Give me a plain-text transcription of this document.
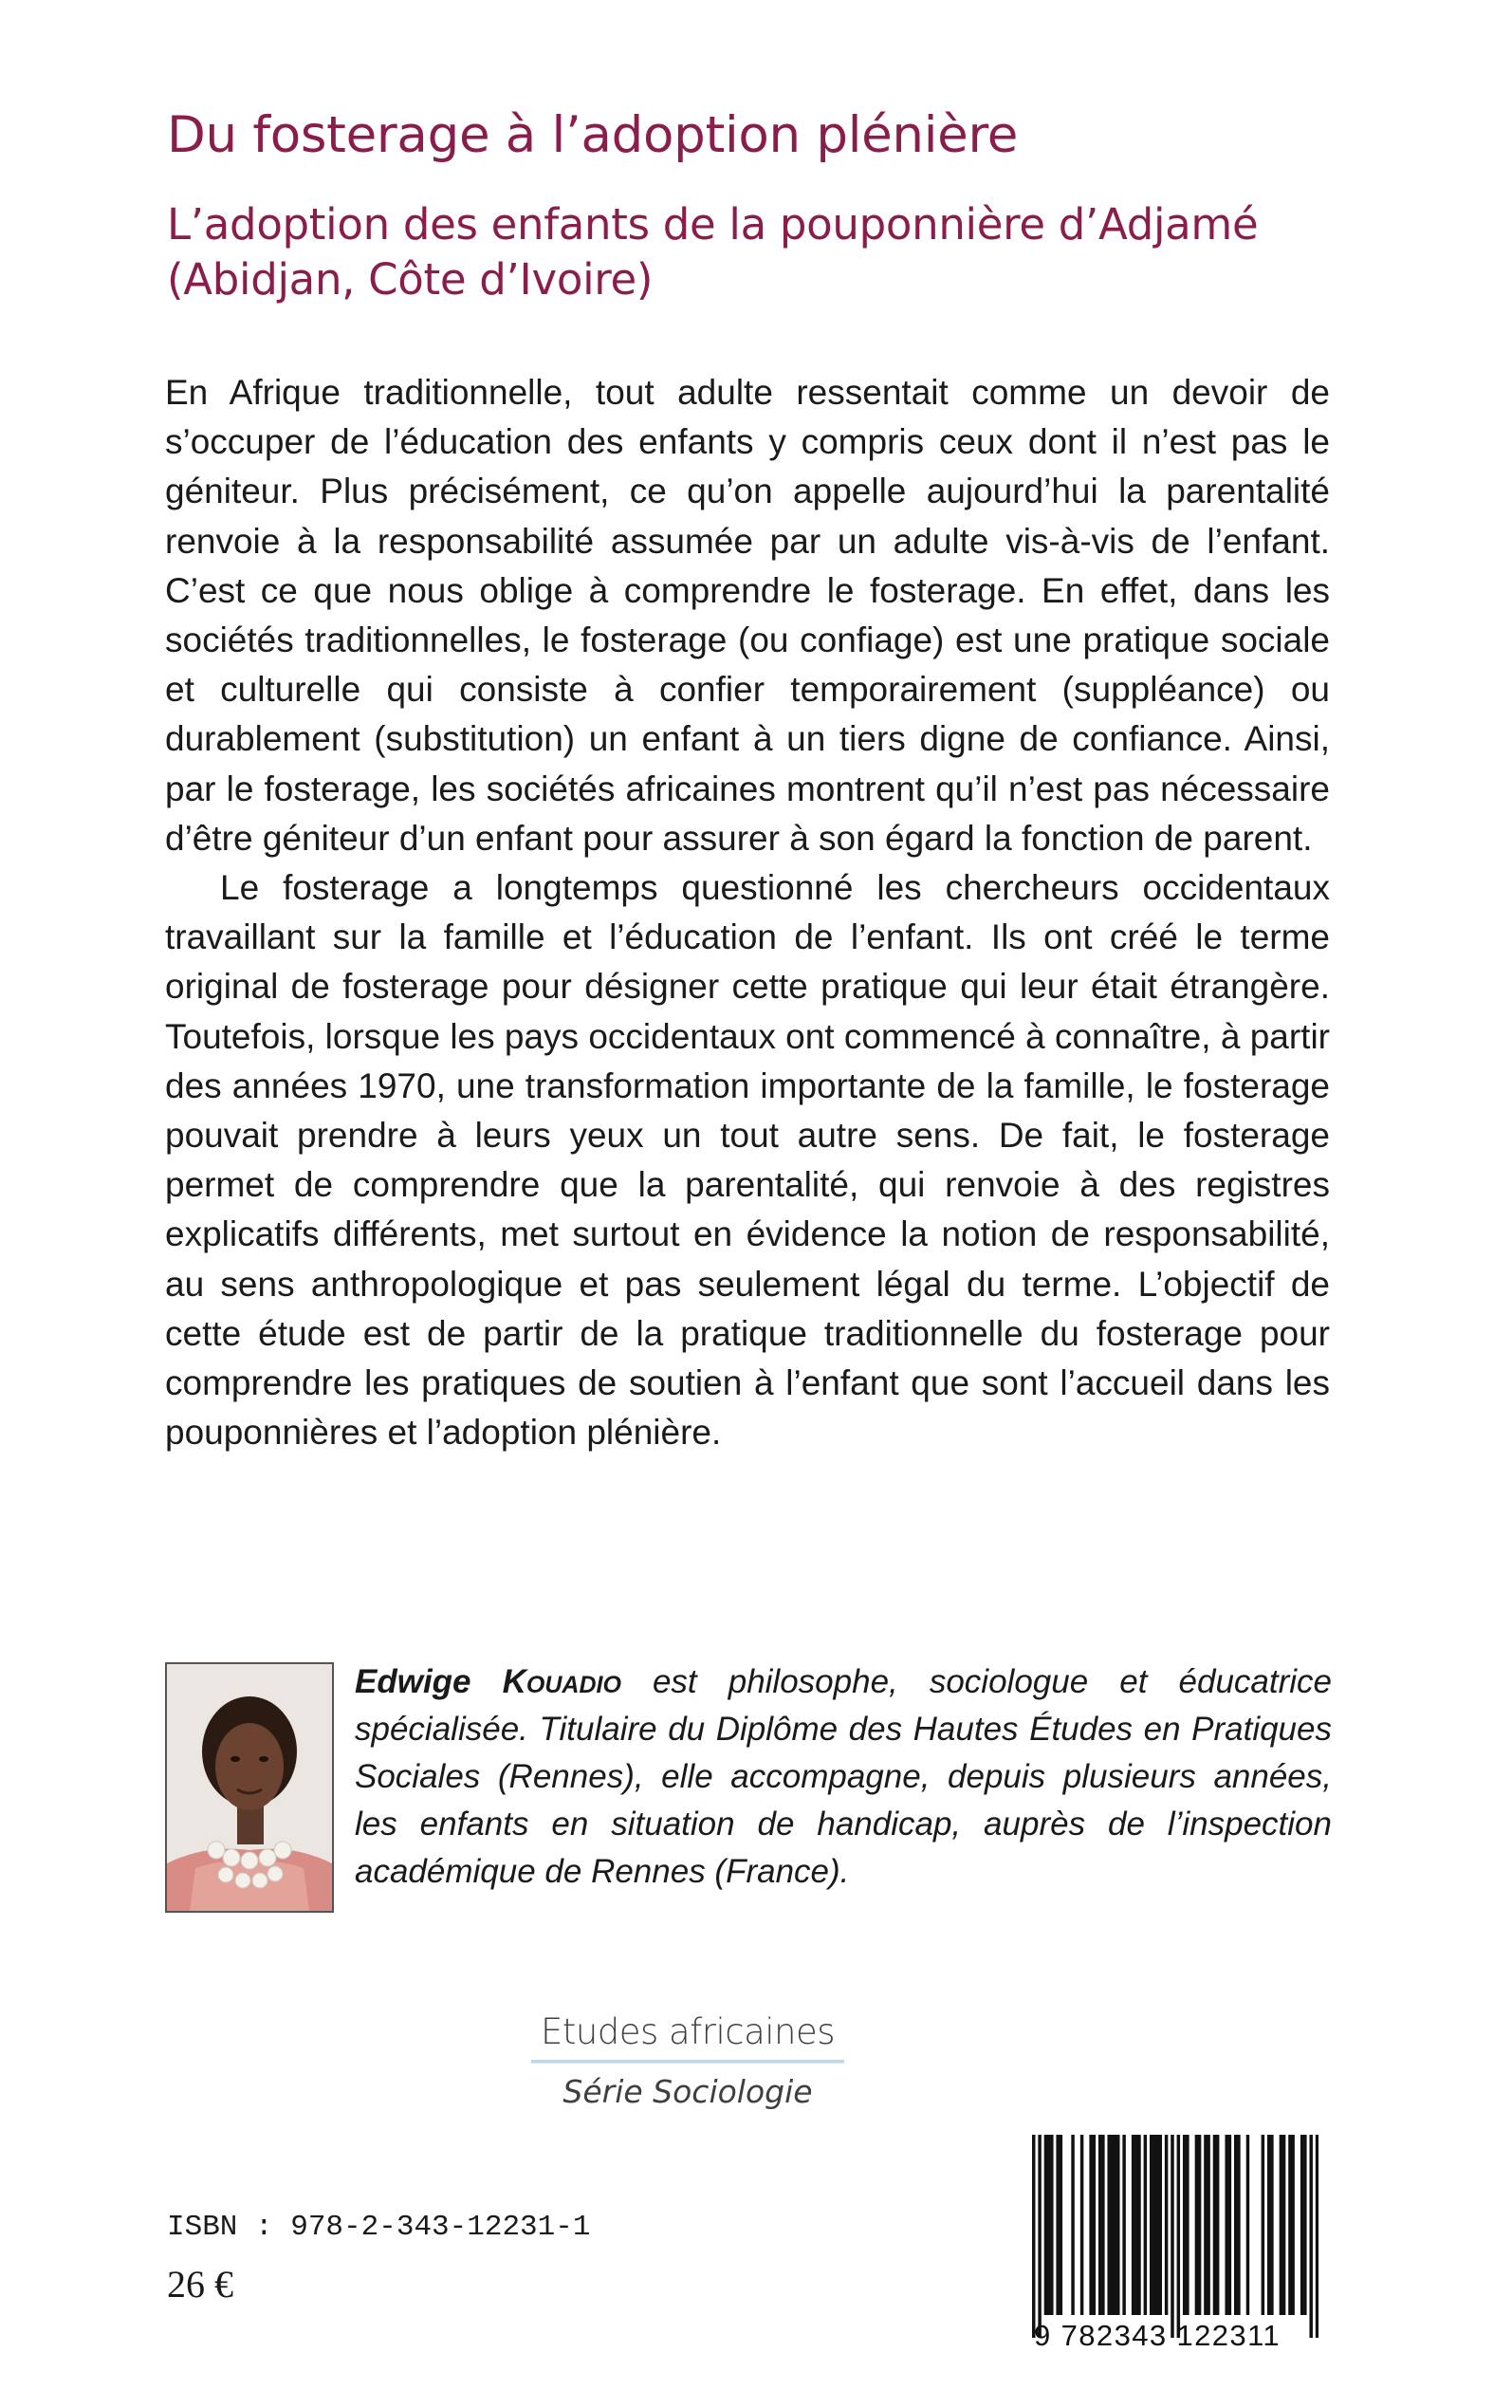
Du fosterage à l’adoption plénière
L’adoption des enfants de la pouponnière d’Adjamé (Abidjan, Côte d’Ivoire)

En Afrique traditionnelle, tout adulte ressentait comme un devoir de s’occuper de l’éducation des enfants y compris ceux dont il n’est pas le géniteur. Plus précisément, ce qu’on appelle aujourd’hui la parentalité renvoie à la responsabilité assumée par un adulte vis-à-vis de l’enfant. C’est ce que nous oblige à comprendre le fosterage. En effet, dans les sociétés traditionnelles, le fosterage (ou confiage) est une pratique sociale et culturelle qui consiste à confier temporairement (suppléance) ou durablement (substitution) un enfant à un tiers digne de confiance. Ainsi, par le fosterage, les sociétés africaines montrent qu’il n’est pas nécessaire d’être géniteur d’un enfant pour assurer à son égard la fonction de parent.

Le fosterage a longtemps questionné les chercheurs occidentaux travaillant sur la famille et l’éducation de l’enfant. Ils ont créé le terme original de fosterage pour désigner cette pratique qui leur était étrangère. Toutefois, lorsque les pays occidentaux ont commencé à connaître, à partir des années 1970, une transformation importante de la famille, le fosterage pouvait prendre à leurs yeux un tout autre sens. De fait, le fosterage permet de comprendre que la parentalité, qui renvoie à des registres explicatifs différents, met surtout en évidence la notion de responsabilité, au sens anthropologique et pas seulement légal du terme. L’objectif de cette étude est de partir de la pratique traditionnelle du fosterage pour comprendre les pratiques de soutien à l’enfant que sont l’accueil dans les pouponnières et l’adoption plénière.

Edwige Kouadio est philosophe, sociologue et éducatrice spécialisée. Titulaire du Diplôme des Hautes Études en Pratiques Sociales (Rennes), elle accompagne, depuis plusieurs années, les enfants en situation de handicap, auprès de l’inspection académique de Rennes (France).
Etudes africaines
Série Sociologie
ISBN : 978-2-343-12231-1
26 €
9 782343 122311
